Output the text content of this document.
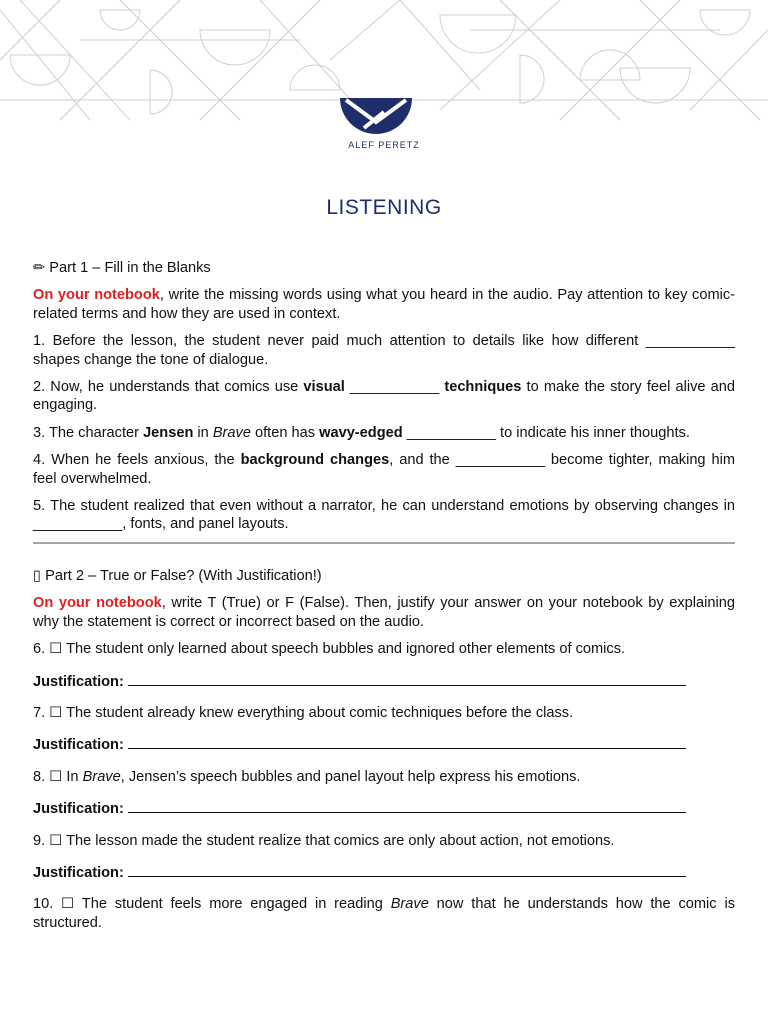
ALEF PERETZ
LISTENING

✏ Part 1 – Fill in the Blanks

On your notebook, write the missing words using what you heard in the audio. Pay attention to key comic-related terms and how they are used in context.

1. Before the lesson, the student never paid much attention to details like how different ___________ shapes change the tone of dialogue.

2. Now, he understands that comics use visual ___________ techniques to make the story feel alive and engaging.

3. The character Jensen in Brave often has wavy-edged ___________ to indicate his inner thoughts.

4. When he feels anxious, the background changes, and the ___________ become tighter, making him feel overwhelmed.

5. The student realized that even without a narrator, he can understand emotions by observing changes in ___________, fonts, and panel layouts.

▯ Part 2 – True or False? (With Justification!)

On your notebook, write T (True) or F (False). Then, justify your answer on your notebook by explaining why the statement is correct or incorrect based on the audio.

6. ☐ The student only learned about speech bubbles and ignored other elements of comics.

Justification:

7. ☐ The student already knew everything about comic techniques before the class.

Justification:

8. ☐ In Brave, Jensen’s speech bubbles and panel layout help express his emotions.

Justification:

9. ☐ The lesson made the student realize that comics are only about action, not emotions.

Justification:

10. ☐ The student feels more engaged in reading Brave now that he understands how the comic is structured.
